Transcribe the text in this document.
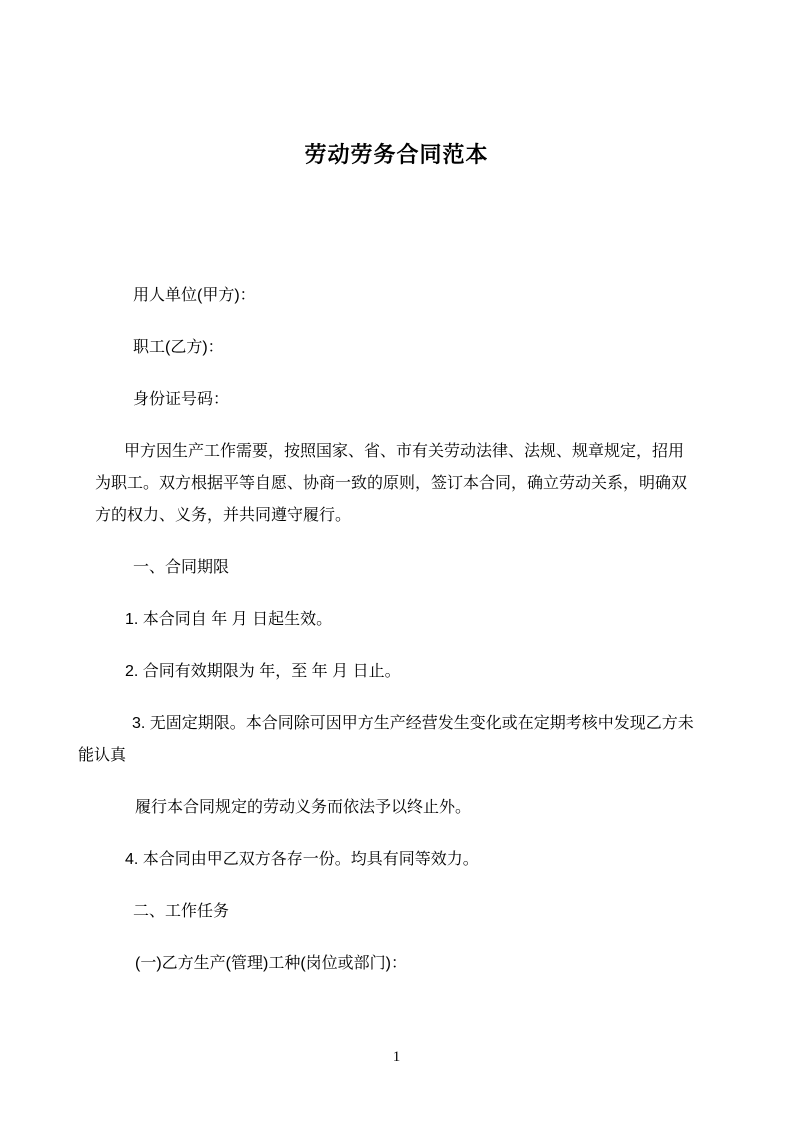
劳动劳务合同范本

用人单位(甲方)：

职工(乙方)：

身份证号码：

甲方因生产工作需要，按照国家、省、市有关劳动法律、法规、规章规定，招用
为职工。双方根据平等自愿、协商一致的原则，签订本合同，确立劳动关系，明确双
方的权力、义务，并共同遵守履行。

一、合同期限

1. 本合同自 年 月 日起生效。

2. 合同有效期限为 年，至 年 月 日止。

3. 无固定期限。本合同除可因甲方生产经营发生变化或在定期考核中发现乙方未
能认真

履行本合同规定的劳动义务而依法予以终止外。

4. 本合同由甲乙双方各存一份。均具有同等效力。

二、工作任务

(一)乙方生产(管理)工种(岗位或部门)：

1
